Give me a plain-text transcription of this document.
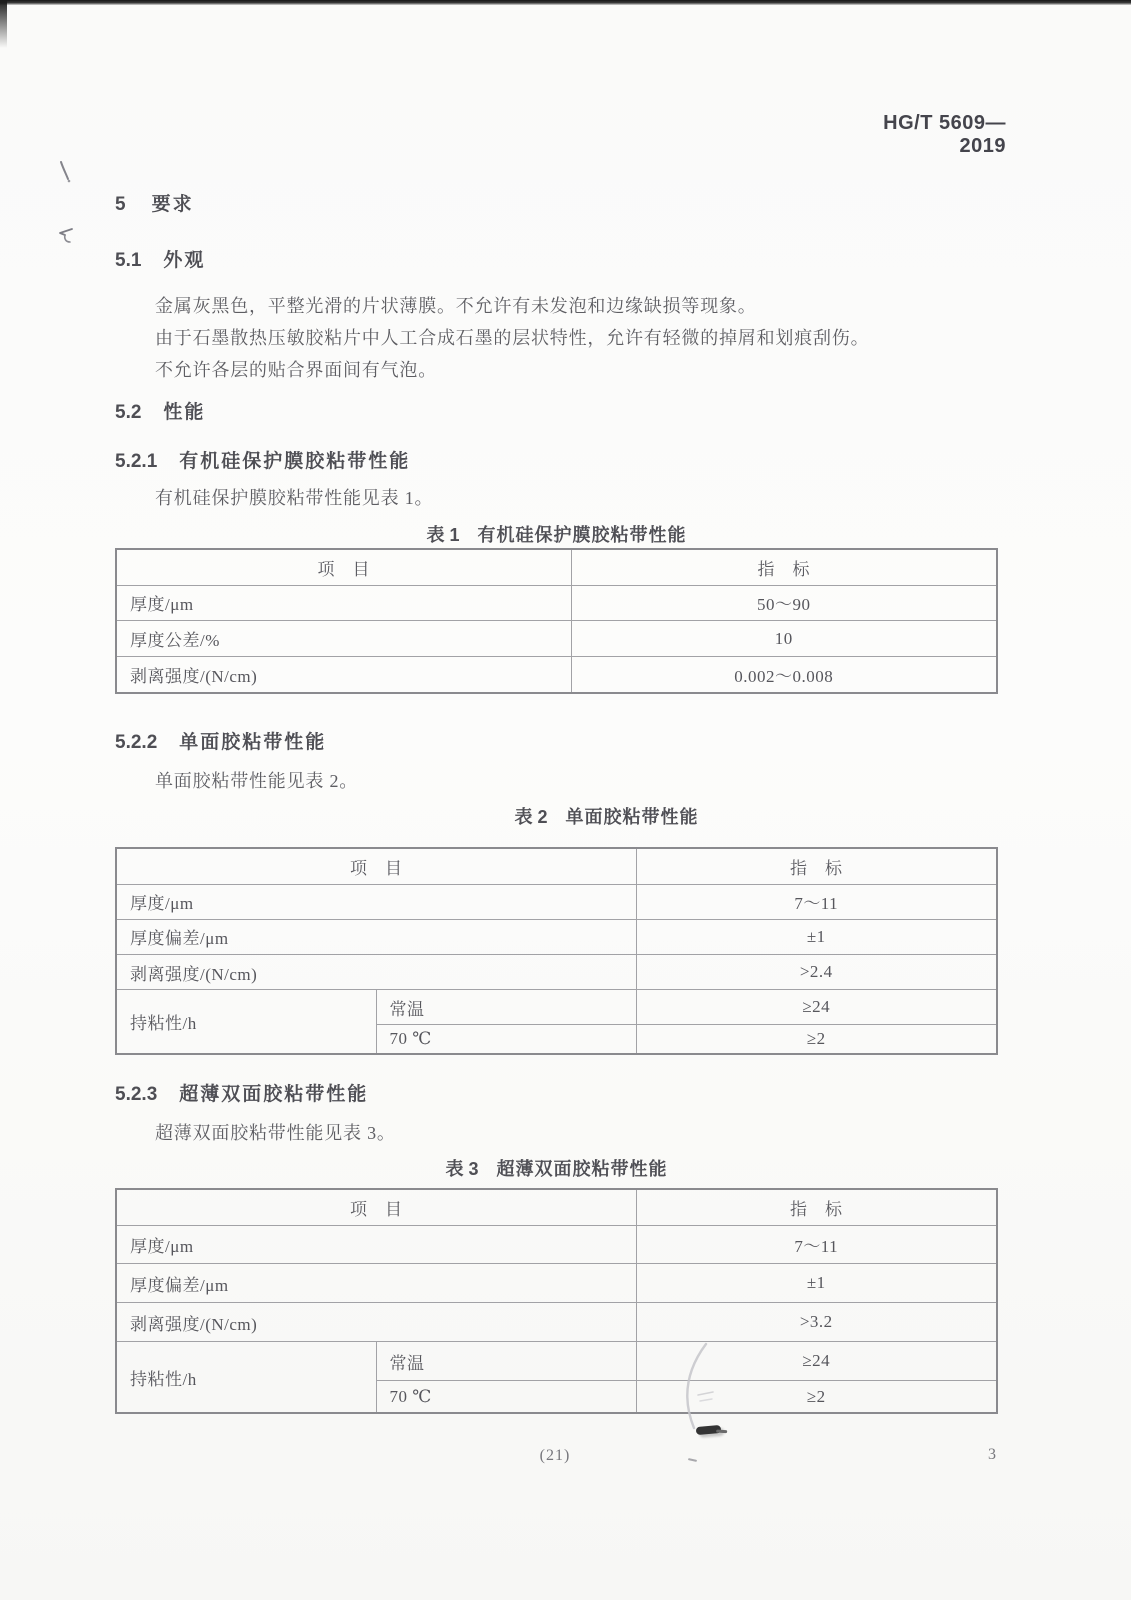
HG/T 5609—2019
5 要求
5.1 外观
金属灰黑色，平整光滑的片状薄膜。不允许有未发泡和边缘缺损等现象。
由于石墨散热压敏胶粘片中人工合成石墨的层状特性，允许有轻微的掉屑和划痕刮伤。
不允许各层的贴合界面间有气泡。
5.2 性能
5.2.1 有机硅保护膜胶粘带性能
有机硅保护膜胶粘带性能见表 1。
表 1 有机硅保护膜胶粘带性能
项　目	指　标
厚度/μm	50～90
厚度公差/%	10
剥离强度/(N/cm)	0.002～0.008
5.2.2 单面胶粘带性能
单面胶粘带性能见表 2。
表 2 单面胶粘带性能
项　目		指　标
厚度/μm		7～11
厚度偏差/μm		±1
剥离强度/(N/cm)		>2.4
持粘性/h	常温	≥24
	70 ℃	≥2
5.2.3 超薄双面胶粘带性能
超薄双面胶粘带性能见表 3。
表 3 超薄双面胶粘带性能
项　目		指　标
厚度/μm		7～11
厚度偏差/μm		±1
剥离强度/(N/cm)		>3.2
持粘性/h	常温	≥24
	70 ℃	≥2
(21)	3
